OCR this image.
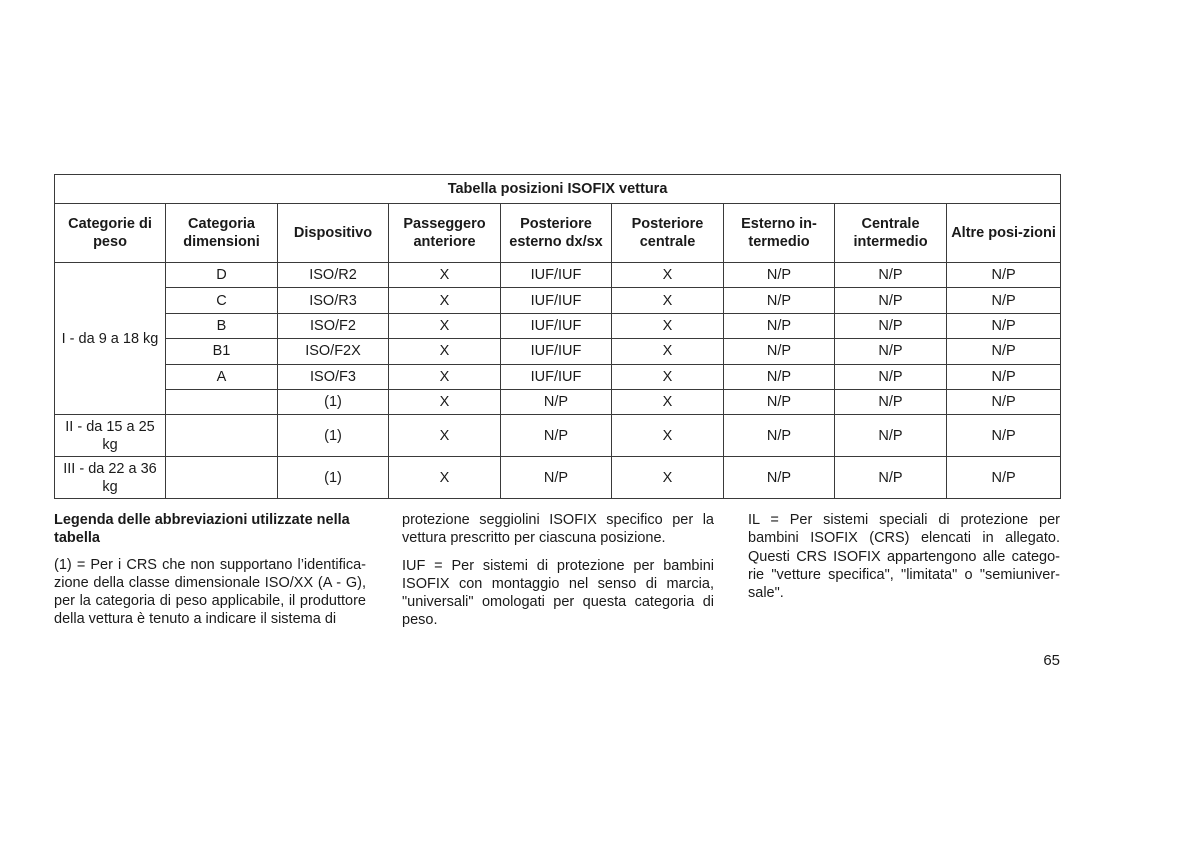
Tabella posizioni ISOFIX vettura								
Categorie di peso	Categoria dimensioni	Dispositivo	Passeggero anteriore	Posteriore esterno dx/sx	Posteriore centrale	Esterno in-termedio	Centrale intermedio	Altre posi-zioni
I - da 9 a 18 kg	D	ISO/R2	X	IUF/IUF	X	N/P	N/P	N/P
	C	ISO/R3	X	IUF/IUF	X	N/P	N/P	N/P
	B	ISO/F2	X	IUF/IUF	X	N/P	N/P	N/P
	B1	ISO/F2X	X	IUF/IUF	X	N/P	N/P	N/P
	A	ISO/F3	X	IUF/IUF	X	N/P	N/P	N/P
		(1)	X	N/P	X	N/P	N/P	N/P
II - da 15 a 25 kg		(1)	X	N/P	X	N/P	N/P	N/P
III - da 22 a 36 kg		(1)	X	N/P	X	N/P	N/P	N/P

Legenda delle abbreviazioni utilizzate nella tabella

(1) = Per i CRS che non supportano l’identifica-zione della classe dimensionale ISO/XX (A - G), per la categoria di peso applicabile, il produttore della vettura è tenuto a indicare il sistema di

protezione seggiolini ISOFIX specifico per la vettura prescritto per ciascuna posizione.

IUF = Per sistemi di protezione per bambini ISOFIX con montaggio nel senso di marcia, "universali" omologati per questa categoria di peso.

IL = Per sistemi speciali di protezione per bambini ISOFIX (CRS) elencati in allegato. Questi CRS ISOFIX appartengono alle catego-rie "vetture specifica", "limitata" o "semiuniver-sale".

65
